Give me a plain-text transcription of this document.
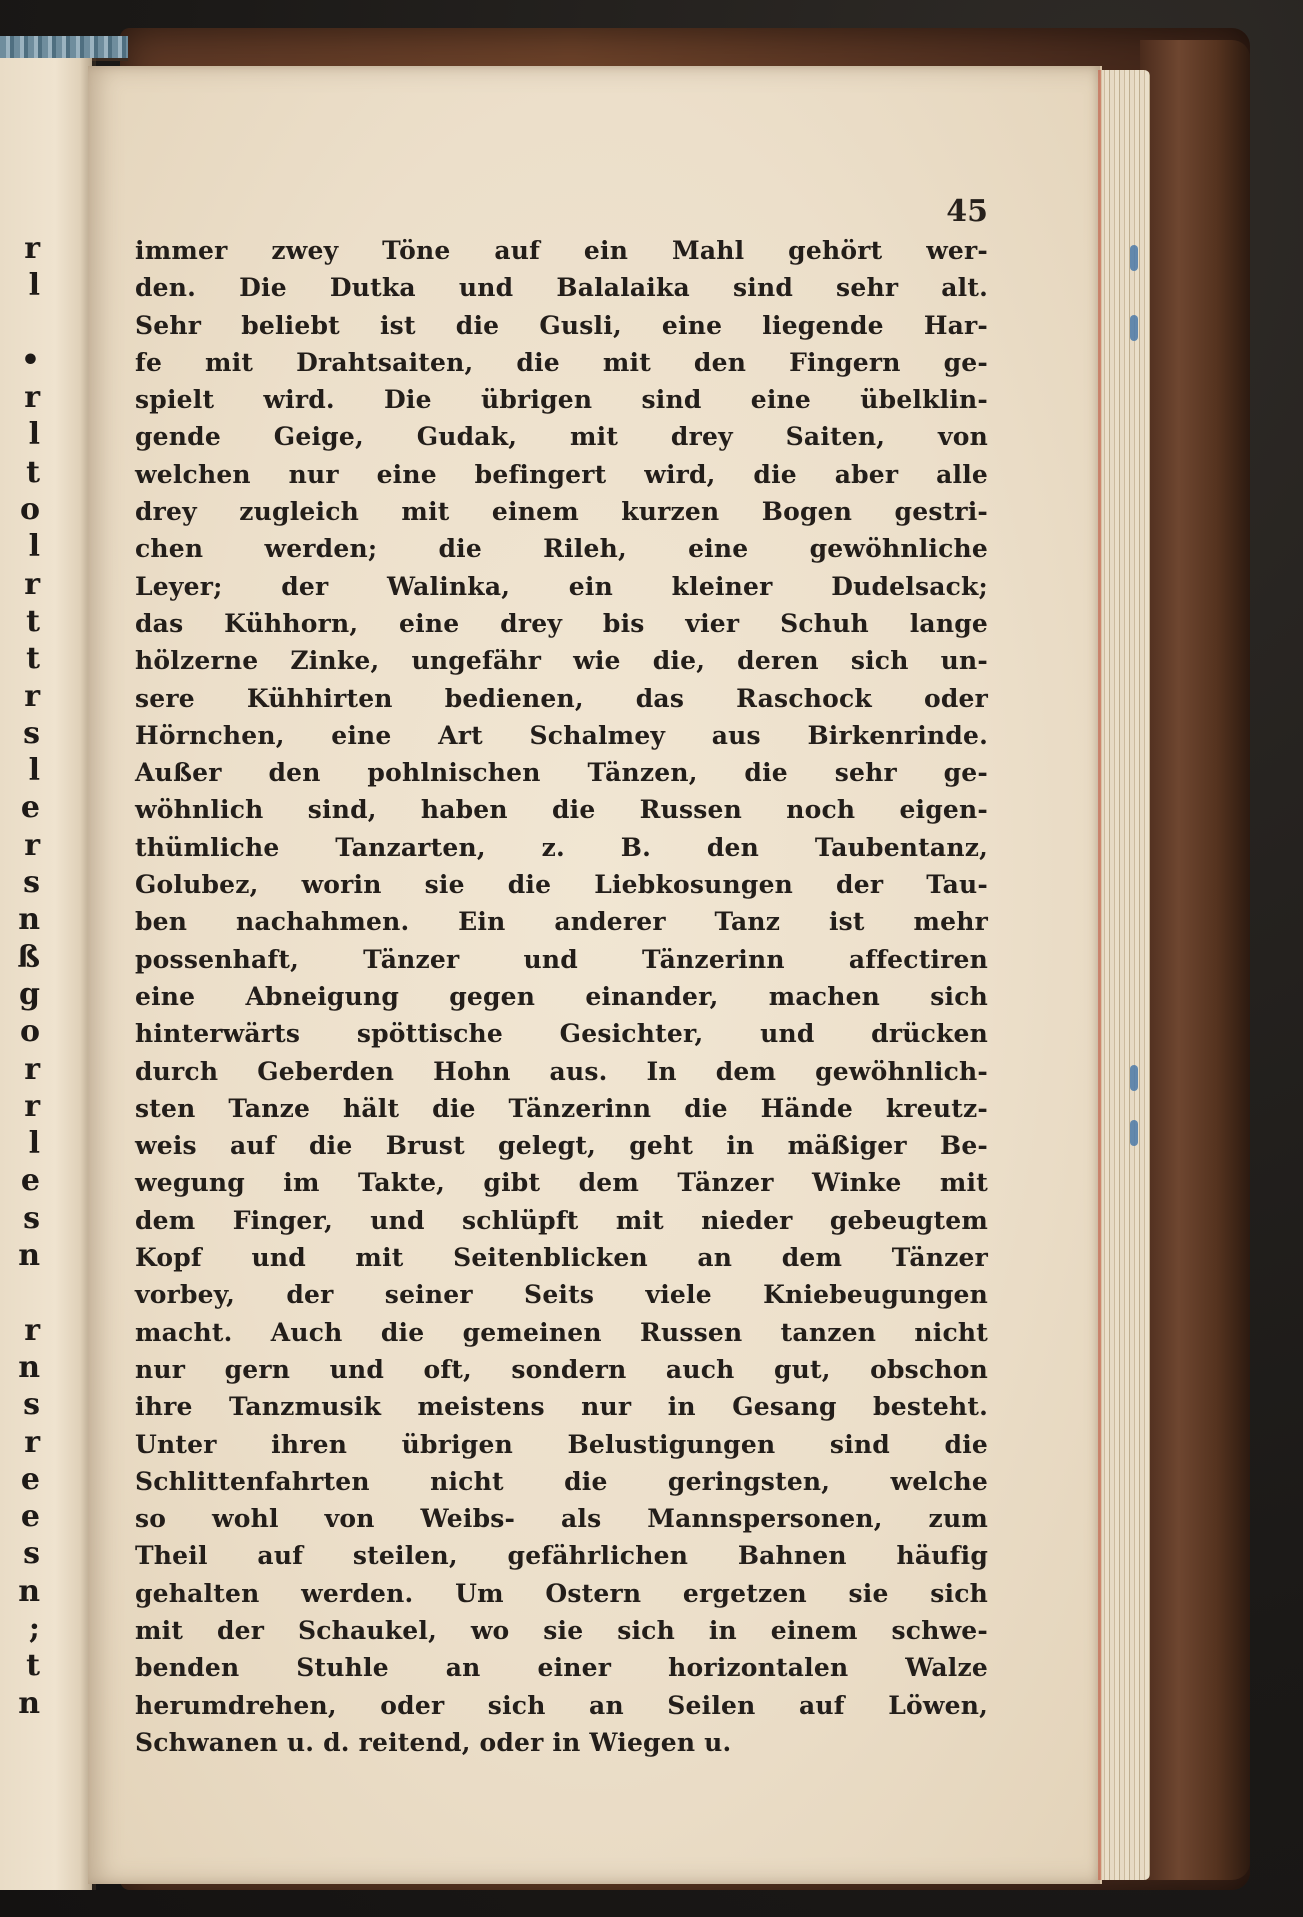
r
l
•
r
l
t
o
l
r
t
t
r
s
l
e
r
s
n
ß
g
o
r
r
l
e
s
n
r
n
s
r
e
e
s
n
;
t
n
45
immer zwey Töne auf ein Mahl gehört wer-
den. Die Dutka und Balalaika sind sehr alt.
Sehr beliebt ist die Gusli, eine liegende Har-
fe mit Drahtsaiten, die mit den Fingern ge-
spielt wird. Die übrigen sind eine übelklin-
gende Geige, Gudak, mit drey Saiten, von
welchen nur eine befingert wird, die aber alle
drey zugleich mit einem kurzen Bogen gestri-
chen werden; die Rileh, eine gewöhnliche
Leyer; der Walinka, ein kleiner Dudelsack;
das Kühhorn, eine drey bis vier Schuh lange
hölzerne Zinke, ungefähr wie die, deren sich un-
sere Kühhirten bedienen, das Raschock oder
Hörnchen, eine Art Schalmey aus Birkenrinde.
Außer den pohlnischen Tänzen, die sehr ge-
wöhnlich sind, haben die Russen noch eigen-
thümliche Tanzarten, z. B. den Taubentanz,
Golubez, worin sie die Liebkosungen der Tau-
ben nachahmen. Ein anderer Tanz ist mehr
possenhaft, Tänzer und Tänzerinn affectiren
eine Abneigung gegen einander, machen sich
hinterwärts spöttische Gesichter, und drücken
durch Geberden Hohn aus. In dem gewöhnlich-
sten Tanze hält die Tänzerinn die Hände kreutz-
weis auf die Brust gelegt, geht in mäßiger Be-
wegung im Takte, gibt dem Tänzer Winke mit
dem Finger, und schlüpft mit nieder gebeugtem
Kopf und mit Seitenblicken an dem Tänzer
vorbey, der seiner Seits viele Kniebeugungen
macht. Auch die gemeinen Russen tanzen nicht
nur gern und oft, sondern auch gut, obschon
ihre Tanzmusik meistens nur in Gesang besteht.
Unter ihren übrigen Belustigungen sind die
Schlittenfahrten nicht die geringsten, welche
so wohl von Weibs- als Mannspersonen, zum
Theil auf steilen, gefährlichen Bahnen häufig
gehalten werden. Um Ostern ergetzen sie sich
mit der Schaukel, wo sie sich in einem schwe-
benden Stuhle an einer horizontalen Walze
herumdrehen, oder sich an Seilen auf Löwen,
Schwanen u. d. reitend, oder in Wiegen u.
